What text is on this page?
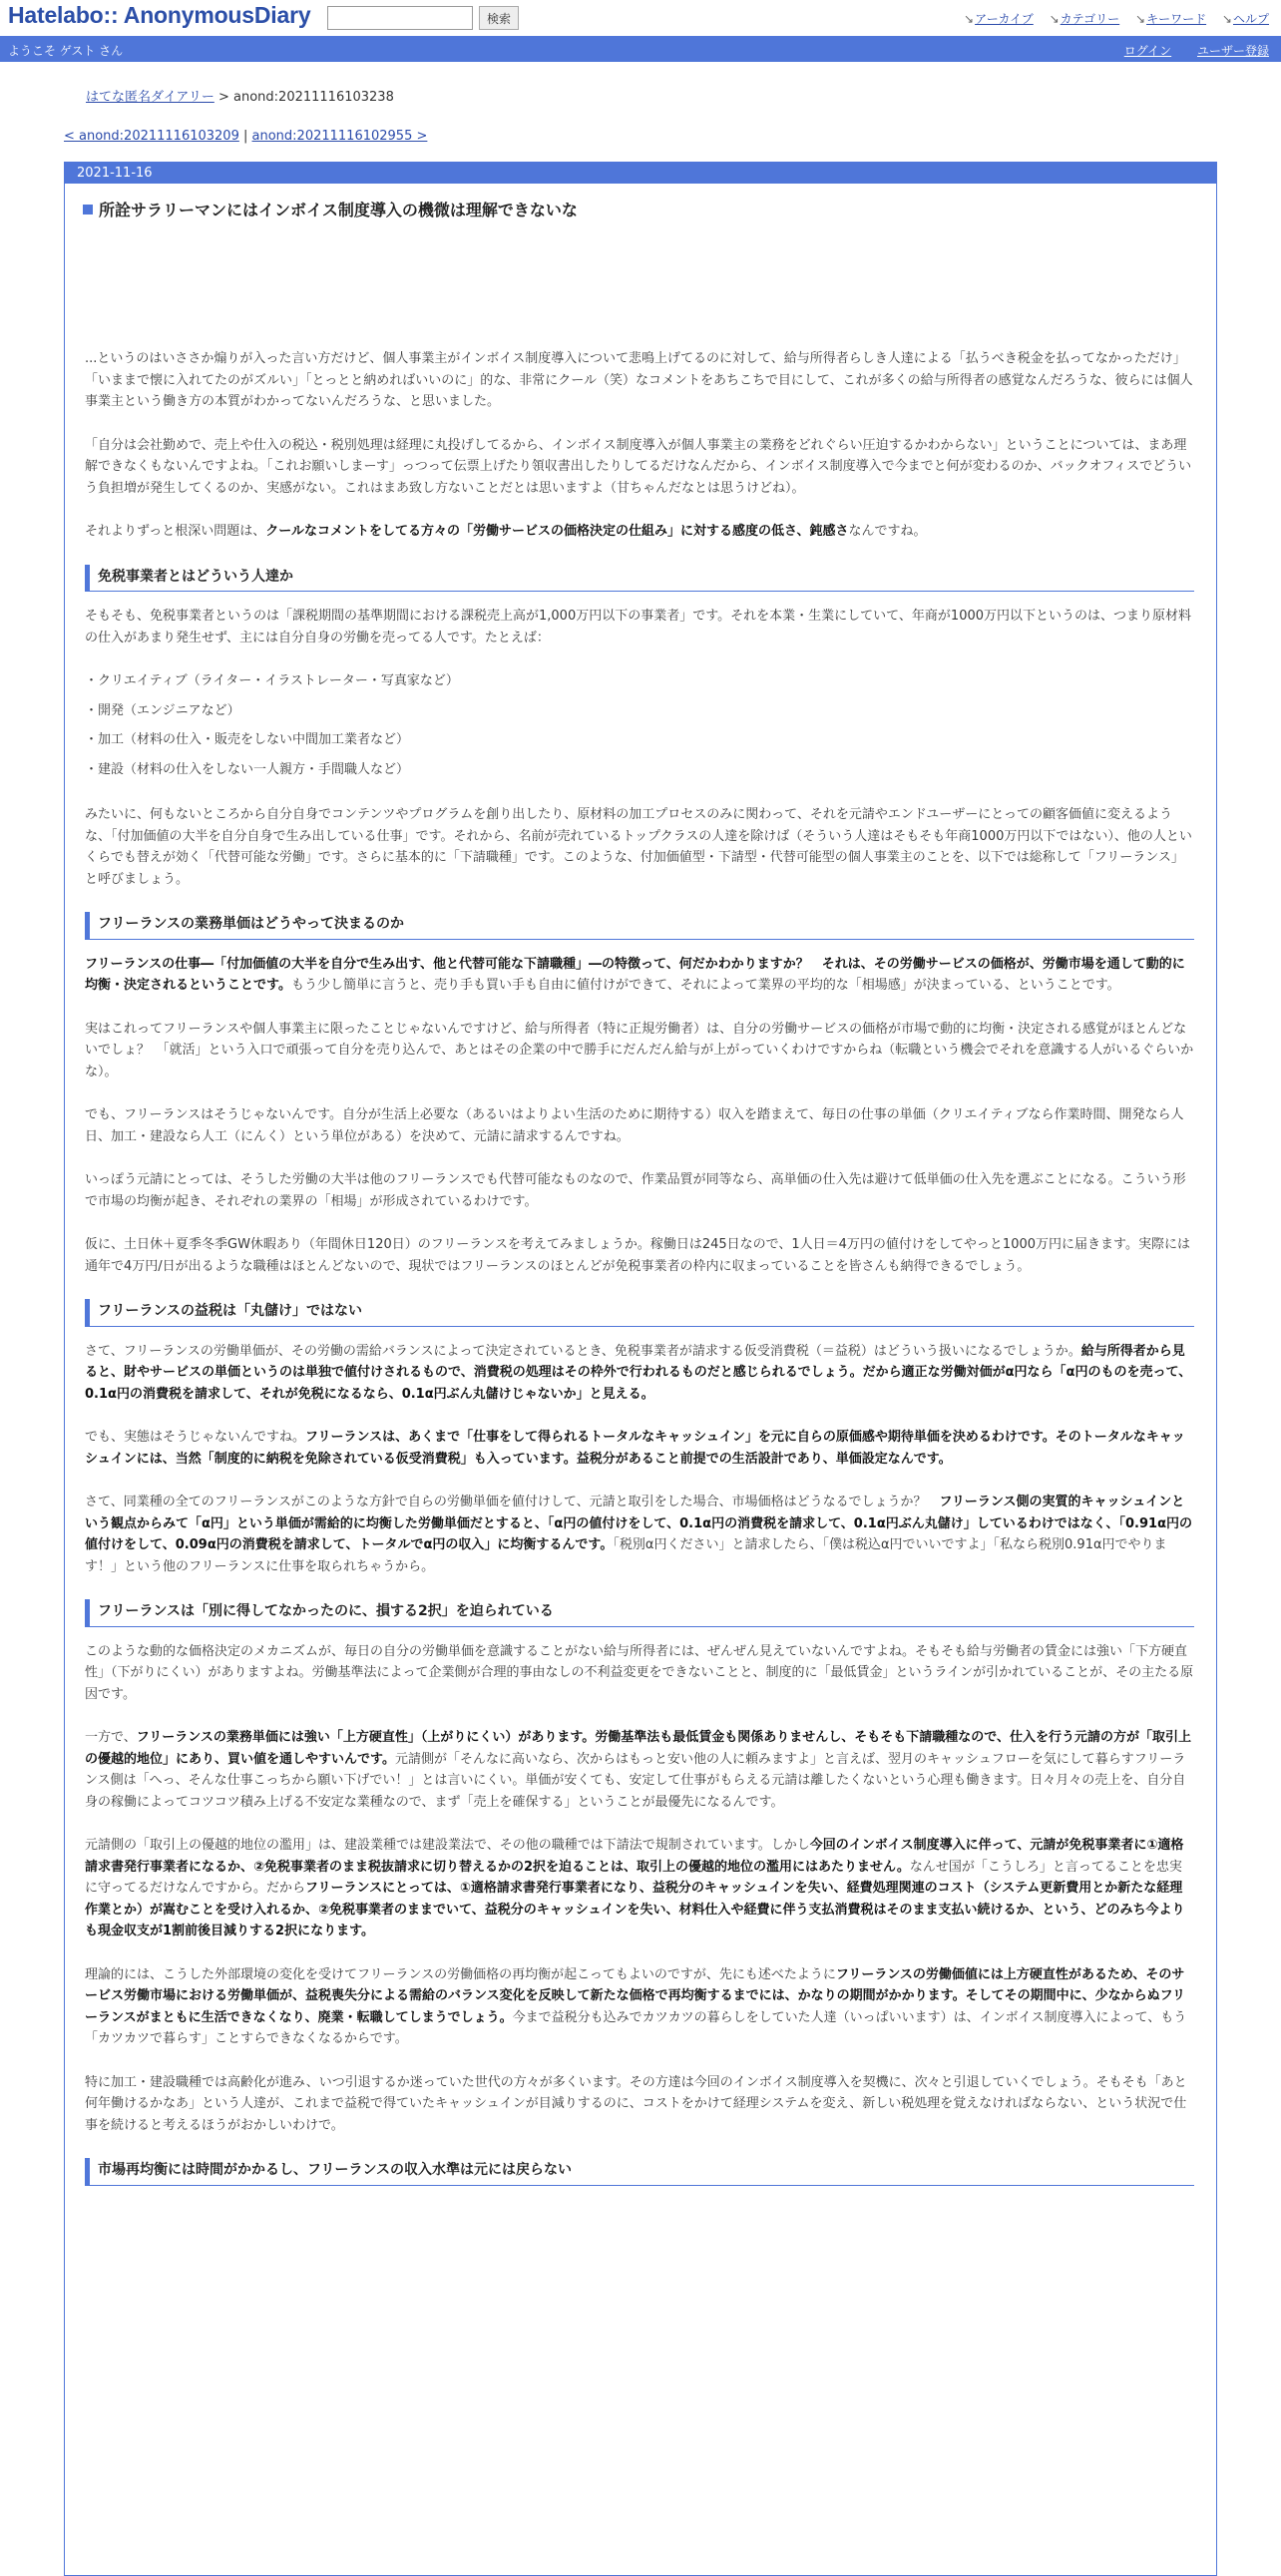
Hatelabo:: AnonymousDiary	検索	↘ アーカイブ ↘ カテゴリー ↘ キーワード ↘ ヘルプ
ようこそ ゲスト さん	ログイン ユーザー登録
はてな匿名ダイアリー > anond:20211116103238
< anond:20211116103209 | anond:20211116102955 >
2021-11-16
所詮サラリーマンにはインボイス制度導入の機微は理解できないな

...というのはいささか煽りが入った言い方だけど、個人事業主がインボイス制度導入について悲鳴上げてるのに対して、給与所得者らしき人達による「払うべき税金を払ってなかっただけ」「いままで懐に入れてたのがズルい」「とっとと納めればいいのに」的な、非常にクール（笑）なコメントをあちこちで目にして、これが多くの給与所得者の感覚なんだろうな、彼らには個人事業主という働き方の本質がわかってないんだろうな、と思いました。

「自分は会社勤めで、売上や仕入の税込・税別処理は経理に丸投げしてるから、インボイス制度導入が個人事業主の業務をどれぐらい圧迫するかわからない」ということについては、まあ理解できなくもないんですよね。「これお願いしまーす」っつって伝票上げたり領収書出したりしてるだけなんだから、インボイス制度導入で今までと何が変わるのか、バックオフィスでどういう負担増が発生してくるのか、実感がない。これはまあ致し方ないことだとは思いますよ（甘ちゃんだなとは思うけどね）。

それよりずっと根深い問題は、クールなコメントをしてる方々の「労働サービスの価格決定の仕組み」に対する感度の低さ、鈍感さなんですね。

免税事業者とはどういう人達か

そもそも、免税事業者というのは「課税期間の基準期間における課税売上高が1,000万円以下の事業者」です。それを本業・生業にしていて、年商が1000万円以下というのは、つまり原材料の仕入があまり発生せず、主には自分自身の労働を売ってる人です。たとえば：

・クリエイティブ（ライター・イラストレーター・写真家など）

・開発（エンジニアなど）

・加工（材料の仕入・販売をしない中間加工業者など）

・建設（材料の仕入をしない一人親方・手間職人など）

みたいに、何もないところから自分自身でコンテンツやプログラムを創り出したり、原材料の加工プロセスのみに関わって、それを元請やエンドユーザーにとっての顧客価値に変えるような、「付加価値の大半を自分自身で生み出している仕事」です。それから、名前が売れているトップクラスの人達を除けば（そういう人達はそもそも年商1000万円以下ではない）、他の人といくらでも替えが効く「代替可能な労働」です。さらに基本的に「下請職種」です。このような、付加価値型・下請型・代替可能型の個人事業主のことを、以下では総称して「フリーランス」と呼びましょう。

フリーランスの業務単価はどうやって決まるのか

フリーランスの仕事―「付加価値の大半を自分で生み出す、他と代替可能な下請職種」―の特徴って、何だかわかりますか？　それは、その労働サービスの価格が、労働市場を通して動的に均衡・決定されるということです。もう少し簡単に言うと、売り手も買い手も自由に値付けができて、それによって業界の平均的な「相場感」が決まっている、ということです。

実はこれってフリーランスや個人事業主に限ったことじゃないんですけど、給与所得者（特に正規労働者）は、自分の労働サービスの価格が市場で動的に均衡・決定される感覚がほとんどないでしょ？　「就活」という入口で頑張って自分を売り込んで、あとはその企業の中で勝手にだんだん給与が上がっていくわけですからね（転職という機会でそれを意識する人がいるぐらいかな）。

でも、フリーランスはそうじゃないんです。自分が生活上必要な（あるいはよりよい生活のために期待する）収入を踏まえて、毎日の仕事の単価（クリエイティブなら作業時間、開発なら人日、加工・建設なら人工（にんく）という単位がある）を決めて、元請に請求するんですね。

いっぽう元請にとっては、そうした労働の大半は他のフリーランスでも代替可能なものなので、作業品質が同等なら、高単価の仕入先は避けて低単価の仕入先を選ぶことになる。こういう形で市場の均衡が起き、それぞれの業界の「相場」が形成されているわけです。

仮に、土日休＋夏季冬季GW休暇あり（年間休日120日）のフリーランスを考えてみましょうか。稼働日は245日なので、1人日＝4万円の値付けをしてやっと1000万円に届きます。実際には通年で4万円/日が出るような職種はほとんどないので、現状ではフリーランスのほとんどが免税事業者の枠内に収まっていることを皆さんも納得できるでしょう。

フリーランスの益税は「丸儲け」ではない

さて、フリーランスの労働単価が、その労働の需給バランスによって決定されているとき、免税事業者が請求する仮受消費税（＝益税）はどういう扱いになるでしょうか。給与所得者から見ると、財やサービスの単価というのは単独で値付けされるもので、消費税の処理はその枠外で行われるものだと感じられるでしょう。だから適正な労働対価がα円なら「α円のものを売って、0.1α円の消費税を請求して、それが免税になるなら、0.1α円ぶん丸儲けじゃないか」と見える。

でも、実態はそうじゃないんですね。フリーランスは、あくまで「仕事をして得られるトータルなキャッシュイン」を元に自らの原価感や期待単価を決めるわけです。そのトータルなキャッシュインには、当然「制度的に納税を免除されている仮受消費税」も入っています。益税分があること前提での生活設計であり、単価設定なんです。

さて、同業種の全てのフリーランスがこのような方針で自らの労働単価を値付けして、元請と取引をした場合、市場価格はどうなるでしょうか？　フリーランス側の実質的キャッシュインという観点からみて「α円」という単価が需給的に均衡した労働単価だとすると、「α円の値付けをして、0.1α円の消費税を請求して、0.1α円ぶん丸儲け」しているわけではなく、「0.91α円の値付けをして、0.09α円の消費税を請求して、トータルでα円の収入」に均衡するんです。「税別α円ください」と請求したら、「僕は税込α円でいいですよ」「私なら税別0.91α円でやります！」という他のフリーランスに仕事を取られちゃうから。

フリーランスは「別に得してなかったのに、損する2択」を迫られている

このような動的な価格決定のメカニズムが、毎日の自分の労働単価を意識することがない給与所得者には、ぜんぜん見えていないんですよね。そもそも給与労働者の賃金には強い「下方硬直性」（下がりにくい）がありますよね。労働基準法によって企業側が合理的事由なしの不利益変更をできないことと、制度的に「最低賃金」というラインが引かれていることが、その主たる原因です。

一方で、フリーランスの業務単価には強い「上方硬直性」（上がりにくい）があります。労働基準法も最低賃金も関係ありませんし、そもそも下請職種なので、仕入を行う元請の方が「取引上の優越的地位」にあり、買い値を通しやすいんです。元請側が「そんなに高いなら、次からはもっと安い他の人に頼みますよ」と言えば、翌月のキャッシュフローを気にして暮らすフリーランス側は「へっ、そんな仕事こっちから願い下げでい！」とは言いにくい。単価が安くても、安定して仕事がもらえる元請は離したくないという心理も働きます。日々月々の売上を、自分自身の稼働によってコツコツ積み上げる不安定な業種なので、まず「売上を確保する」ということが最優先になるんです。

元請側の「取引上の優越的地位の濫用」は、建設業種では建設業法で、その他の職種では下請法で規制されています。しかし今回のインボイス制度導入に伴って、元請が免税事業者に①適格請求書発行事業者になるか、②免税事業者のまま税抜請求に切り替えるかの2択を迫ることは、取引上の優越的地位の濫用にはあたりません。なんせ国が「こうしろ」と言ってることを忠実に守ってるだけなんですから。だからフリーランスにとっては、①適格請求書発行事業者になり、益税分のキャッシュインを失い、経費処理関連のコスト（システム更新費用とか新たな経理作業とか）が嵩むことを受け入れるか、②免税事業者のままでいて、益税分のキャッシュインを失い、材料仕入や経費に伴う支払消費税はそのまま支払い続けるか、という、どのみち今よりも現金収支が1割前後目減りする2択になります。

理論的には、こうした外部環境の変化を受けてフリーランスの労働価格の再均衡が起こってもよいのですが、先にも述べたようにフリーランスの労働価値には上方硬直性があるため、そのサービス労働市場における労働単価が、益税喪失分による需給のバランス変化を反映して新たな価格で再均衡するまでには、かなりの期間がかかります。そしてその期間中に、少なからぬフリーランスがまともに生活できなくなり、廃業・転職してしまうでしょう。今まで益税分も込みでカツカツの暮らしをしていた人達（いっぱいいます）は、インボイス制度導入によって、もう「カツカツで暮らす」ことすらできなくなるからです。

特に加工・建設職種では高齢化が進み、いつ引退するか迷っていた世代の方々が多くいます。その方達は今回のインボイス制度導入を契機に、次々と引退していくでしょう。そもそも「あと何年働けるかなあ」という人達が、これまで益税で得ていたキャッシュインが目減りするのに、コストをかけて経理システムを変え、新しい税処理を覚えなければならない、という状況で仕事を続けると考えるほうがおかしいわけで。

市場再均衡には時間がかかるし、フリーランスの収入水準は元には戻らない
